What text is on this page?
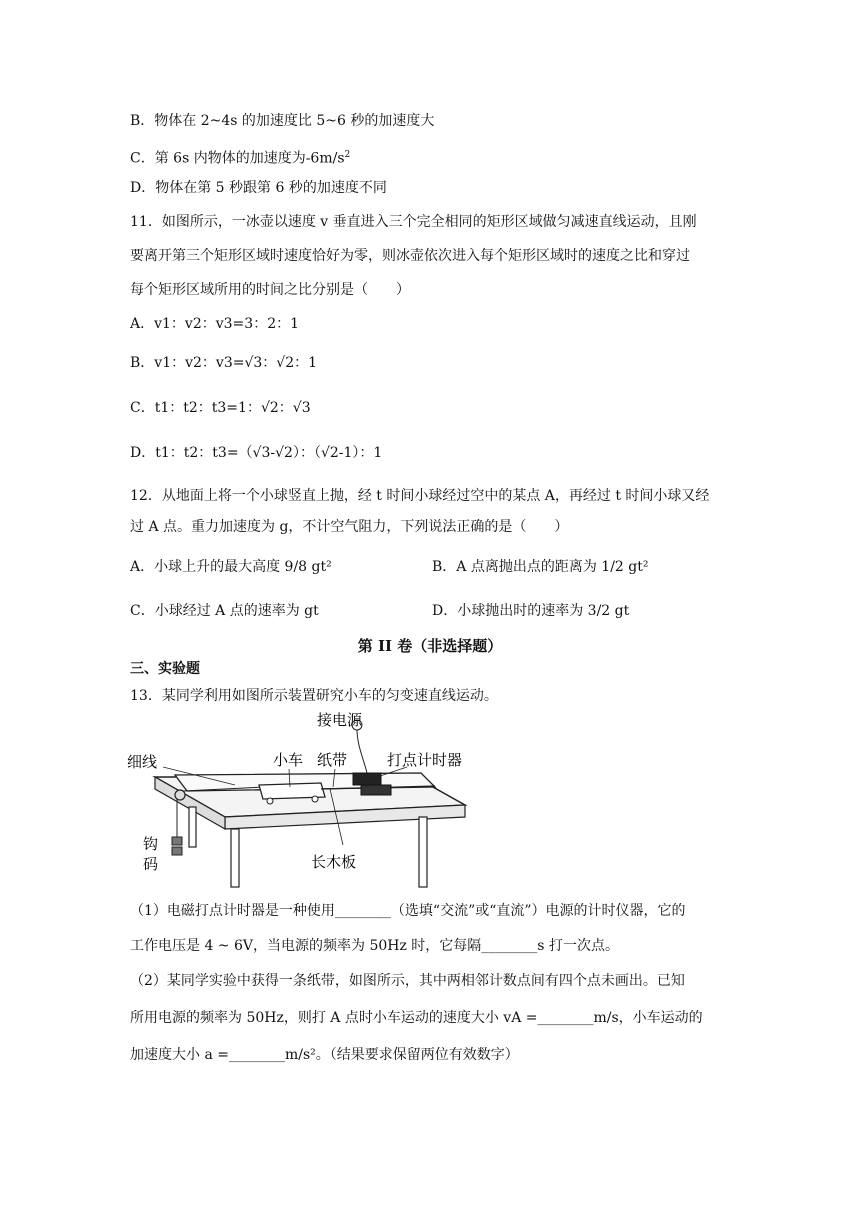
B．物体在 2~4s 的加速度比 5~6 秒的加速度大
C．第 6s 内物体的加速度为$-6m/s^2$
D．物体在第 5 秒跟第 6 秒的加速度不同
11．如图所示，一冰壶以速度 v 垂直进入三个完全相同的矩形区域做匀减速直线运动，且刚
要离开第三个矩形区域时速度恰好为零，则冰壶依次进入每个矩形区域时的速度之比和穿过
每个矩形区域所用的时间之比分别是（　　）
A．v1：v2：v3=3：2：1
B．v1：v2：v3=√3：√2：1
C．t1：t2：t3=1：√2：√3
D．t1：t2：t3=（√3-√2）：（√2-1）：1
12．从地面上将一个小球竖直上抛，经 t 时间小球经过空中的某点 A，再经过 t 时间小球又经
过 A 点。重力加速度为 g，不计空气阻力，下列说法正确的是（　　）
A．小球上升的最大高度 9/8 gt²	B．A 点离抛出点的距离为 1/2 gt²
C．小球经过 A 点的速率为 gt	D．小球抛出时的速率为 3/2 gt
第 II 卷（非选择题）
三、实验题
13．某同学利用如图所示装置研究小车的匀变速直线运动。
接电源
细线	小车 纸带	打点计时器
钩
码	长木板
（1）电磁打点计时器是一种使用________（选填“交流”或“直流”）电源的计时仪器，它的
工作电压是 4 ~ 6V，当电源的频率为 50Hz 时，它每隔________s 打一次点。
（2）某同学实验中获得一条纸带，如图所示，其中两相邻计数点间有四个点未画出。已知
所用电源的频率为 50Hz，则打 A 点时小车运动的速度大小 vA =________m/s，小车运动的
加速度大小 a =________m/s²。（结果要求保留两位有效数字）
